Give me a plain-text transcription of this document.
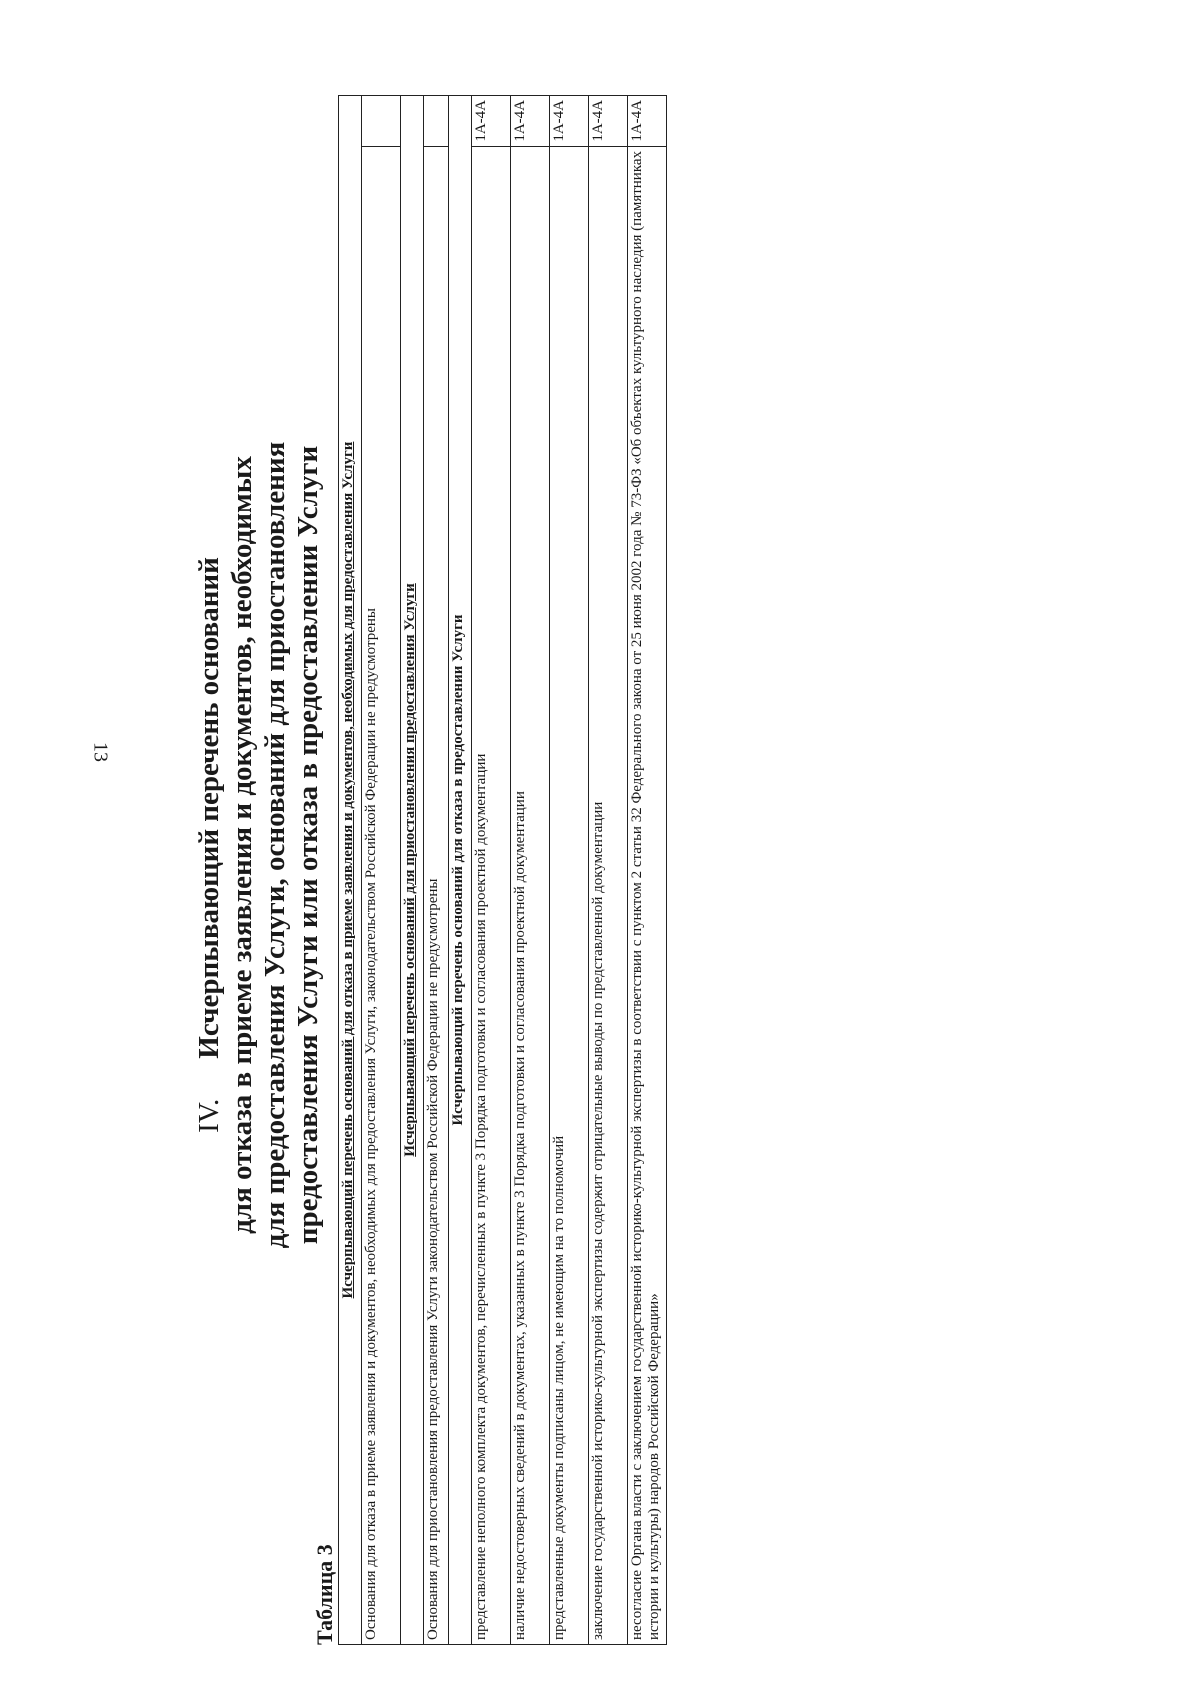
13
IV.Исчерпывающий перечень оснований для отказа в приеме заявления и документов, необходимых для предоставления Услуги, оснований для приостановления предоставления Услуги или отказа в предоставлении Услуги
Таблица 3
Исчерпывающий перечень оснований для отказа в приеме заявления и документов, необходимых для предоставления Услуги	
Основания для отказа в приеме заявления и документов, необходимых для предоставления Услуги, законодательством Российской Федерации не предусмотрены	
Исчерпывающий перечень оснований для приостановления предоставления Услуги	
Основания для приостановления предоставления Услуги законодательством Российской Федерации не предусмотрены	
Исчерпывающий перечень оснований для отказа в предоставлении Услуги	
представление неполного комплекта документов, перечисленных в пункте 3 Порядка подготовки и согласования проектной документации	1А-4А
наличие недостоверных сведений в документах, указанных в пункте 3 Порядка подготовки и согласования проектной документации	1А-4А
представленные документы подписаны лицом, не имеющим на то полномочий	1А-4А
заключение государственной историко-культурной экспертизы содержит отрицательные выводы по представленной документации	1А-4А
несогласие Органа власти с заключением государственной историко-культурной экспертизы в соответствии с пунктом 2 статьи 32 Федерального закона от 25 июня 2002 года № 73-ФЗ «Об объектах культурного наследия (памятниках истории и культуры) народов Российской Федерации»	1А-4А
